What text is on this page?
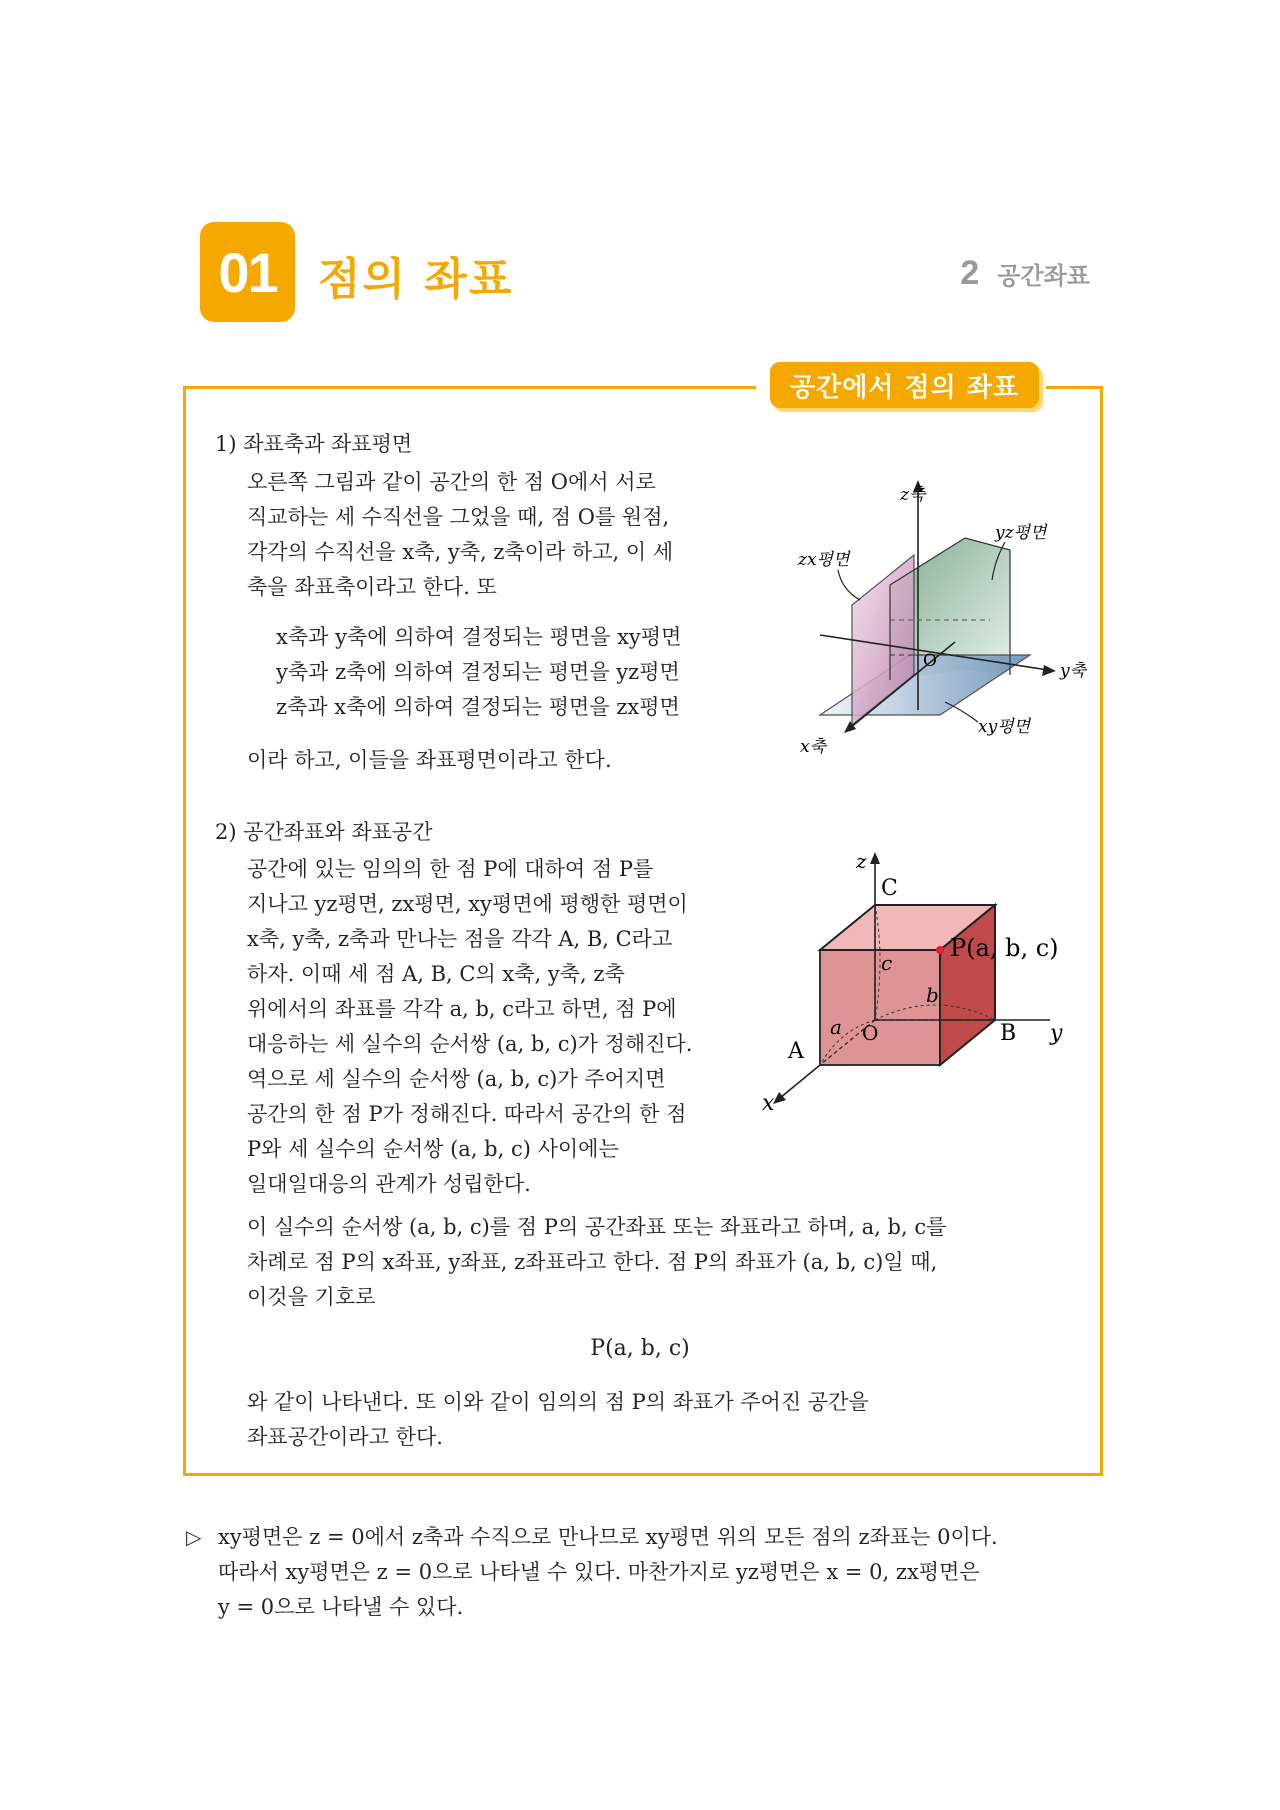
01 점의 좌표	2 공간좌표
공간에서 점의 좌표
1) 좌표축과 좌표평면

오른쪽 그림과 같이 공간의 한 점 O에서 서로

직교하는 세 수직선을 그었을 때, 점 O를 원점,

각각의 수직선을 x축, y축, z축이라 하고, 이 세

축을 좌표축이라고 한다. 또

x축과 y축에 의하여 결정되는 평면을 xy평면

y축과 z축에 의하여 결정되는 평면을 yz평면

z축과 x축에 의하여 결정되는 평면을 zx평면

이라 하고, 이들을 좌표평면이라고 한다.
z축
y축
x축
O
yz평면
zx평면
xy평면
2) 공간좌표와 좌표공간

공간에 있는 임의의 한 점 P에 대하여 점 P를

지나고 yz평면, zx평면, xy평면에 평행한 평면이

x축, y축, z축과 만나는 점을 각각 A, B, C라고

하자. 이때 세 점 A, B, C의 x축, y축, z축

위에서의 좌표를 각각 a, b, c라고 하면, 점 P에

대응하는 세 실수의 순서쌍 (a, b, c)가 정해진다.

역으로 세 실수의 순서쌍 (a, b, c)가 주어지면

공간의 한 점 P가 정해진다. 따라서 공간의 한 점

P와 세 실수의 순서쌍 (a, b, c) 사이에는

일대일대응의 관계가 성립한다.

z
C
c
b
a O
A
B y
x
P(a, b, c)

이 실수의 순서쌍 (a, b, c)를 점 P의 공간좌표 또는 좌표라고 하며, a, b, c를

차례로 점 P의 x좌표, y좌표, z좌표라고 한다. 점 P의 좌표가 (a, b, c)일 때,

이것을 기호로

P(a, b, c)

와 같이 나타낸다. 또 이와 같이 임의의 점 P의 좌표가 주어진 공간을

좌표공간이라고 한다.

▷ xy평면은 z = 0에서 z축과 수직으로 만나므로 xy평면 위의 모든 점의 z좌표는 0이다.

따라서 xy평면은 z = 0으로 나타낼 수 있다. 마찬가지로 yz평면은 x = 0, zx평면은

y = 0으로 나타낼 수 있다.
